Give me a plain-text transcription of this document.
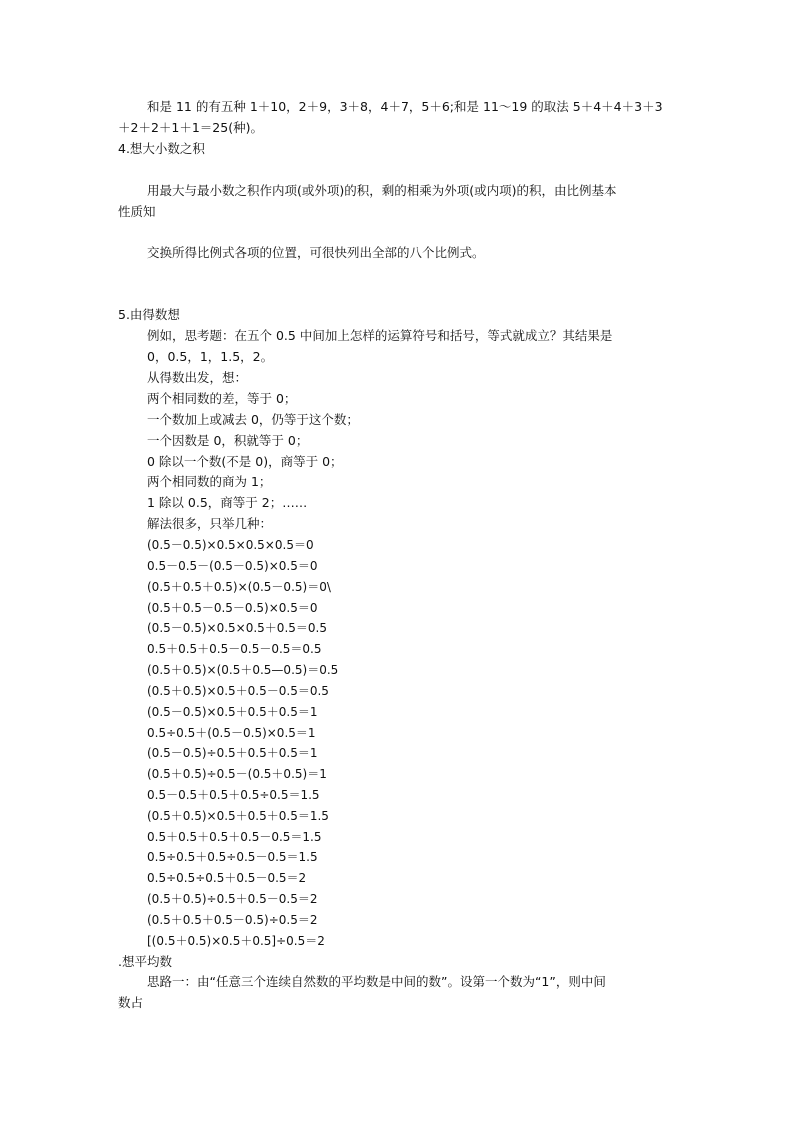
和是 11 的有五种 1＋10，2＋9，3＋8，4＋7，5＋6;和是 11～19 的取法 5＋4＋4＋3＋3
＋2＋2＋1＋1＝25(种)。
4.想大小数之积
用最大与最小数之积作内项(或外项)的积，剩的相乘为外项(或内项)的积，由比例基本
性质知
交换所得比例式各项的位置，可很快列出全部的八个比例式。
5.由得数想
例如，思考题：在五个 0.5 中间加上怎样的运算符号和括号，等式就成立？其结果是
0，0.5，1，1.5，2。
从得数出发，想：
两个相同数的差，等于 0；
一个数加上或减去 0，仍等于这个数；
一个因数是 0，积就等于 0；
0 除以一个数(不是 0)，商等于 0；
两个相同数的商为 1；
1 除以 0.5，商等于 2；……
解法很多，只举几种：
(0.5－0.5)×0.5×0.5×0.5＝0
0.5－0.5－(0.5－0.5)×0.5＝0
(0.5＋0.5＋0.5)×(0.5－0.5)＝0\
(0.5＋0.5－0.5－0.5)×0.5＝0
(0.5－0.5)×0.5×0.5＋0.5＝0.5
0.5＋0.5＋0.5－0.5－0.5＝0.5
(0.5＋0.5)×(0.5＋0.5—0.5)＝0.5
(0.5＋0.5)×0.5＋0.5－0.5＝0.5
(0.5－0.5)×0.5＋0.5＋0.5＝1
0.5÷0.5＋(0.5－0.5)×0.5＝1
(0.5－0.5)÷0.5＋0.5＋0.5＝1
(0.5＋0.5)÷0.5－(0.5＋0.5)＝1
0.5－0.5＋0.5＋0.5÷0.5＝1.5
(0.5＋0.5)×0.5＋0.5＋0.5＝1.5
0.5＋0.5＋0.5＋0.5－0.5＝1.5
0.5÷0.5＋0.5÷0.5－0.5＝1.5
0.5÷0.5÷0.5＋0.5－0.5＝2
(0.5＋0.5)÷0.5＋0.5－0.5＝2
(0.5＋0.5＋0.5－0.5)÷0.5＝2
[(0.5＋0.5)×0.5＋0.5]÷0.5＝2
.想平均数
思路一：由“任意三个连续自然数的平均数是中间的数”。设第一个数为“1”，则中间
数占
